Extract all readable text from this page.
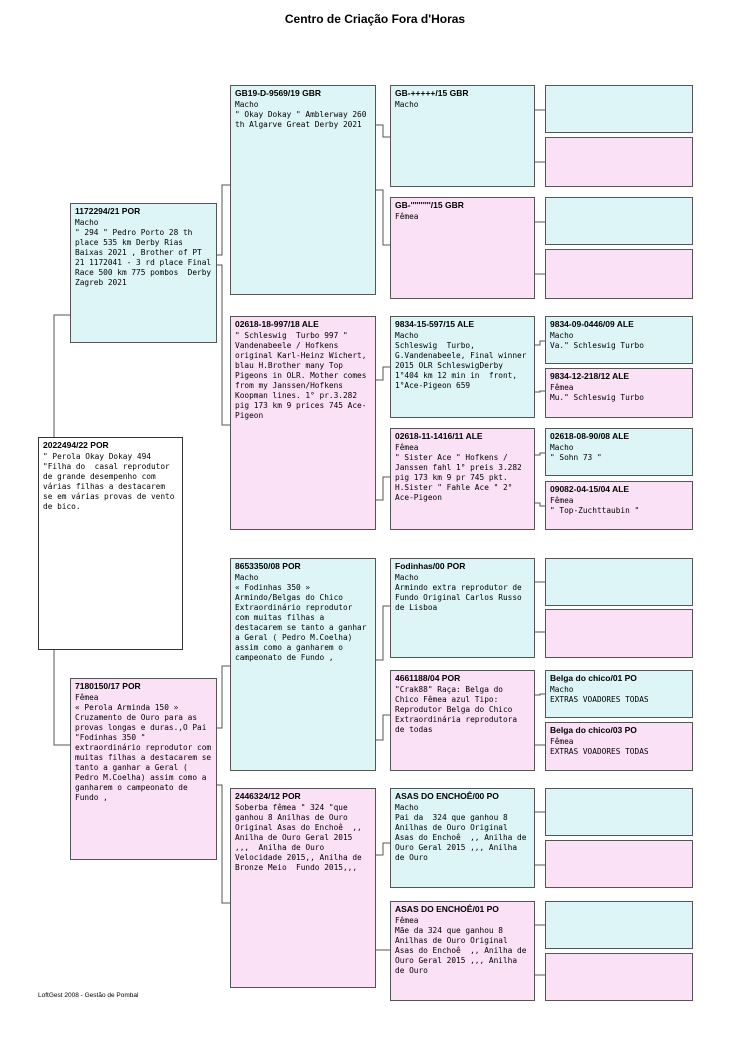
Centro de Criação Fora d'Horas
2022494/22 POR
" Perola Okay Dokay 494 "Filha do  casal reprodutor de grande desempenho com várias filhas a destacarem se em várias provas de vento de bico.
1172294/21 POR
Macho
" 294 " Pedro Porto 28 th place 535 km Derby Rias Baixas 2021 , Brother of PT 21 1172041 - 3 rd place Final Race 500 km 775 pombos  Derby Zagreb 2021
7180150/17 POR
Fêmea
« Perola Arminda 150 » Cruzamento de Ouro para as provas longas e duras.,O Pai "Fodinhas 350 " extraordinário reprodutor com muitas filhas a destacarem se tanto a ganhar a Geral ( Pedro M.Coelha) assim como a ganharem o campeonato de Fundo ,
GB19-D-9569/19 GBR
Macho
" Okay Dokay " Amblerway 260 th Algarve Great Derby 2021
02618-18-997/18 ALE
" Schleswig  Turbo 997 " Vandenabeele / Hofkens original Karl-Heinz Wichert, blau H.Brother many Top Pigeons in OLR. Mother comes from my Janssen/Hofkens Koopman lines. 1° pr.3.282 pig 173 km 9 prices 745 Ace-Pigeon
8653350/08 POR
Macho
« Fodinhas 350 » Armindo/Belgas do Chico Extraordinário reprodutor com muitas filhas a destacarem se tanto a ganhar a Geral ( Pedro M.Coelha) assim como a ganharem o campeonato de Fundo ,
2446324/12 POR
Soberba fêmea " 324 "que ganhou 8 Anilhas de Ouro Original Asas do Enchoê  ,, Anilha de Ouro Geral 2015 ,,,  Anilha de Ouro Velocidade 2015,, Anilha de Bronze Meio  Fundo 2015,,,
GB-+++++/15 GBR
Macho
GB-''''''''''/15 GBR
Fêmea
9834-15-597/15 ALE
Macho
Schleswig  Turbo, G.Vandenabeele, Final winner 2015 OLR SchleswigDerby 1°404 km 12 min in  front, 1°Ace-Pigeon 659
02618-11-1416/11 ALE
Fêmea
" Sister Ace " Hofkens / Janssen fahl 1° preis 3.282 pig 173 km 9 pr 745 pkt. H.Sister " Fahle Ace " 2° Ace-Pigeon
Fodinhas/00 POR
Macho
Armindo extra reprodutor de Fundo Original Carlos Russo de Lisboa
4661188/04 POR
"Crak88" Raça: Belga do Chico Fêmea azul Tipo: Reprodutor Belga do Chico Extraordinária reprodutora de todas
ASAS DO ENCHOÊ/00 PO
Macho
Pai da  324 que ganhou 8 Anilhas de Ouro Original Asas do Enchoê  ,, Anilha de Ouro Geral 2015 ,,, Anilha de Ouro
ASAS DO ENCHOÊ/01 PO
Fêmea
Mãe da 324 que ganhou 8 Anilhas de Ouro Original Asas do Enchoê  ,, Anilha de Ouro Geral 2015 ,,, Anilha de Ouro
9834-09-0446/09 ALE
Macho
Va." Schleswig Turbo
9834-12-218/12 ALE
Fêmea
Mu." Schleswig Turbo
02618-08-90/08 ALE
Macho
" Sohn 73 "
09082-04-15/04 ALE
Fêmea
" Top-Zuchttaubin "
Belga do chico/01 PO
Macho
EXTRAS VOADORES TODAS
Belga do chico/03 PO
Fêmea
EXTRAS VOADORES TODAS
LoftGest 2008 - Gestão de Pombal
